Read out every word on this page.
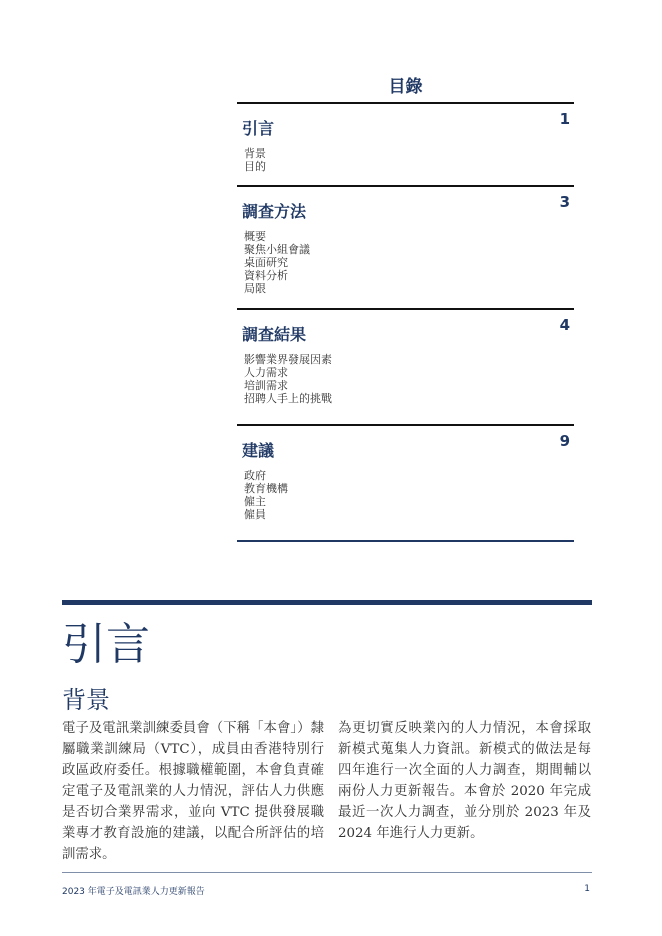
目錄
1
引言
背景
目的
3
調查方法
概要
聚焦小組會議
桌面研究
資料分析
局限
4
調查結果
影響業界發展因素
人力需求
培訓需求
招聘人手上的挑戰
9
建議
政府
教育機構
僱主
僱員
引言
背景

電子及電訊業訓練委員會（下稱「本會」）隸屬職業訓練局（VTC），成員由香港特別行政區政府委任。根據職權範圍，本會負責確定電子及電訊業的人力情況，評估人力供應是否切合業界需求，並向 VTC 提供發展職業專才教育設施的建議，以配合所評估的培訓需求。

為更切實反映業內的人力情況，本會採取新模式蒐集人力資訊。新模式的做法是每四年進行一次全面的人力調查，期間輔以兩份人力更新報告。本會於 2020 年完成最近一次人力調查，並分別於 2023 年及 2024 年進行人力更新。

2023 年電子及電訊業人力更新報告	1
